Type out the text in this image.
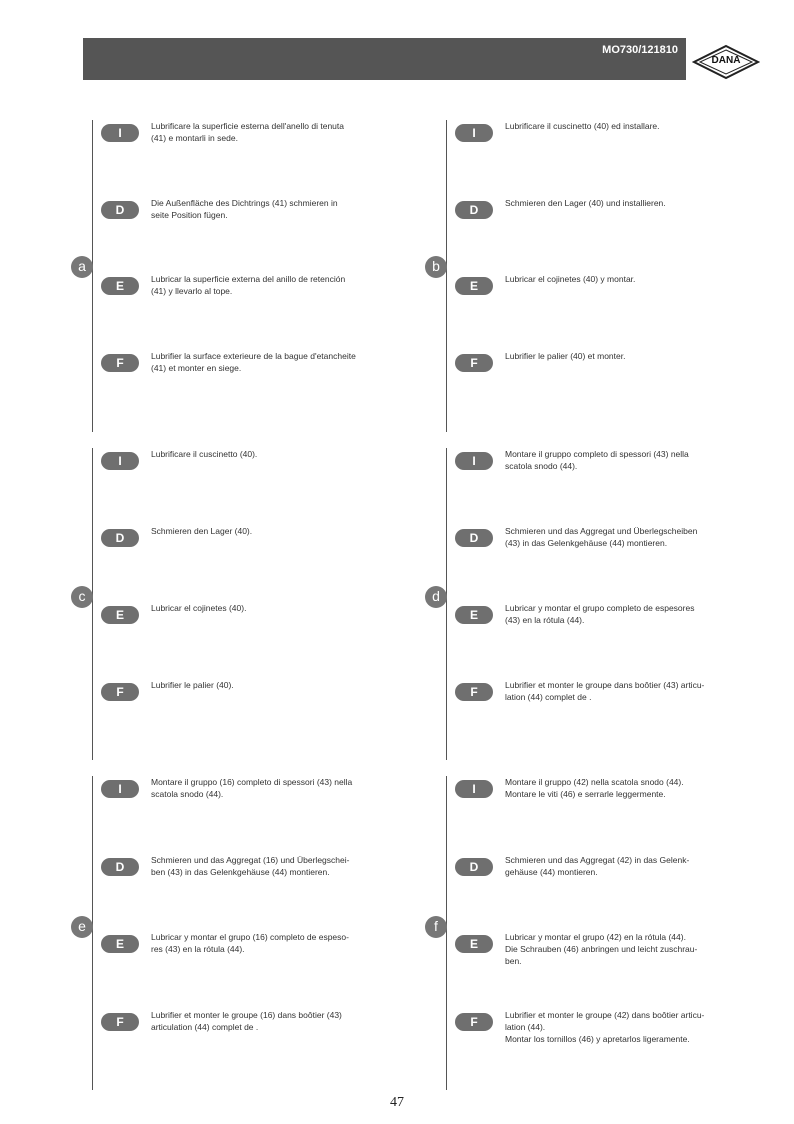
MO730/121810
DANA
a
I	Lubrificare la superficie esterna dell'anello di tenuta
(41) e montarli in sede.
D	Die Außenfläche des Dichtrings (41) schmieren in
seite Position fügen.
E	Lubricar la superficie externa del anillo de retención
(41) y llevarlo al tope.
F	Lubrifier la surface exterieure de la bague d'etancheite
(41) et monter en siege.
b
I	Lubrificare il cuscinetto (40) ed installare.
D	Schmieren den Lager (40) und installieren.
E	Lubricar el cojinetes (40) y montar.
F	Lubrifier le palier (40) et monter.
c
I	Lubrificare il cuscinetto (40).
D	Schmieren den Lager (40).
E	Lubricar el cojinetes (40).
F	Lubrifier le palier (40).
d
I	Montare il gruppo completo di spessori (43) nella
scatola snodo (44).
D	Schmieren und das Aggregat und Überlegscheiben
(43) in das Gelenkgehäuse (44) montieren.
E	Lubricar y montar el grupo completo de espesores
(43) en la rótula (44).
F	Lubrifier et monter le groupe dans boôtier (43) articu-
lation (44) complet de .
e
I	Montare il gruppo (16) completo di spessori (43) nella
scatola snodo (44).
D	Schmieren und das Aggregat (16) und Überlegschei-
ben (43) in das Gelenkgehäuse (44) montieren.
E	Lubricar y montar el grupo (16) completo de espeso-
res (43) en la rótula (44).
F	Lubrifier et monter le groupe (16) dans boôtier (43)
articulation (44) complet de .
f
I	Montare il gruppo (42) nella scatola snodo (44).
Montare le viti (46) e serrarle leggermente.
D	Schmieren und das Aggregat (42) in das Gelenk-
gehäuse (44) montieren.
E	Lubricar y montar el grupo (42) en la rótula (44).
Die Schrauben (46) anbringen und leicht zuschrau-
ben.
F	Lubrifier et monter le groupe (42) dans boôtier articu-
lation (44).
Montar los tornillos (46) y apretarlos ligeramente.
47
